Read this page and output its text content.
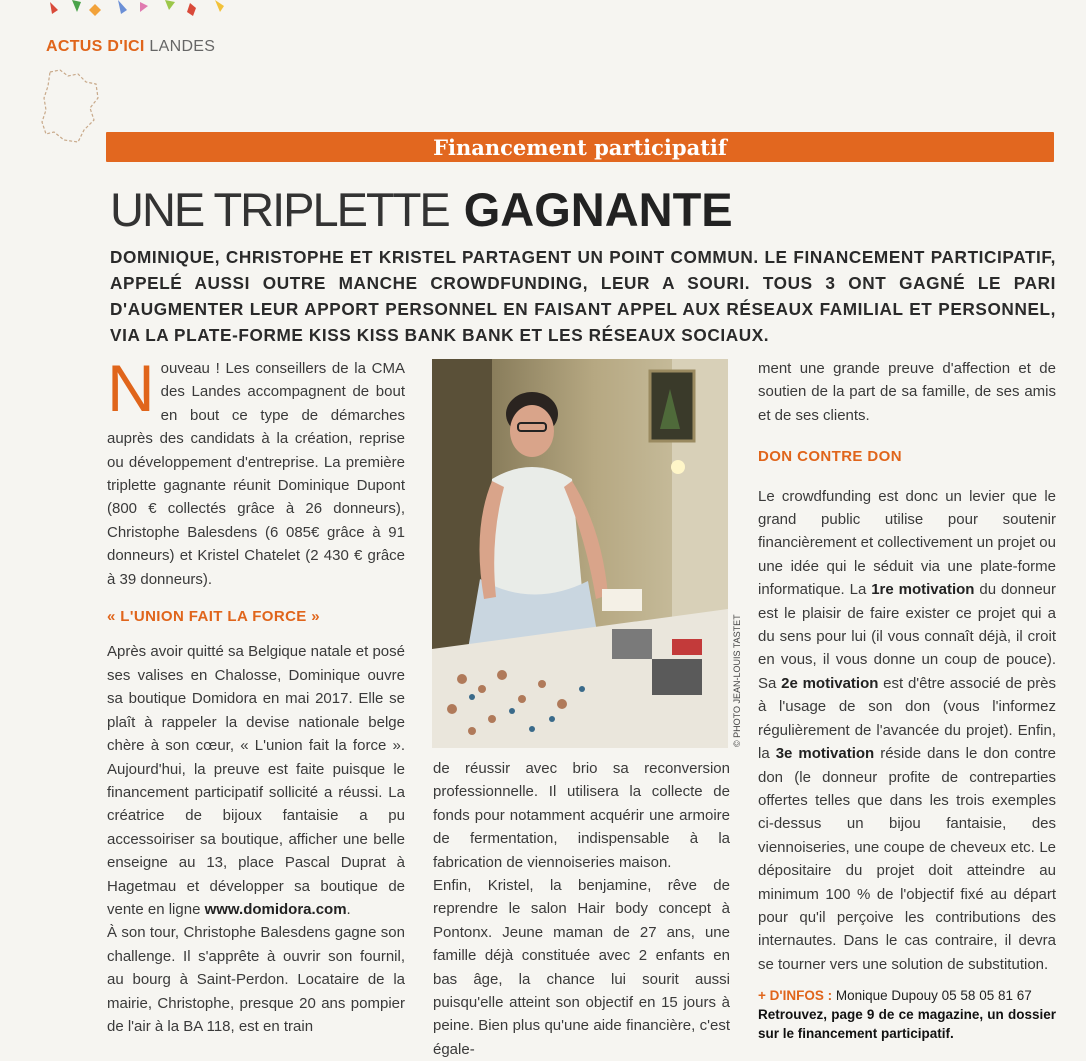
ACTUS D'ICI LANDES
Financement participatif
UNE TRIPLETTE GAGNANTE
DOMINIQUE, CHRISTOPHE ET KRISTEL PARTAGENT UN POINT COMMUN. LE FINANCEMENT PARTICIPATIF, APPELÉ AUSSI OUTRE MANCHE CROWDFUNDING, LEUR A SOURI. TOUS 3 ONT GAGNÉ LE PARI D'AUGMENTER LEUR APPORT PERSONNEL EN FAISANT APPEL AUX RÉSEAUX FAMILIAL ET PERSONNEL, VIA LA PLATE-FORME KISS KISS BANK BANK ET LES RÉSEAUX SOCIAUX.

Nouveau ! Les conseillers de la CMA des Landes accompagnent de bout en bout ce type de démarches auprès des candidats à la création, reprise ou développement d'entreprise. La première triplette gagnante réunit Dominique Dupont (800 € collectés grâce à 26 donneurs), Christophe Balesdens (6 085€ grâce à 91 donneurs) et Kristel Chatelet (2 430 € grâce à 39 donneurs).

« L'UNION FAIT LA FORCE »

Après avoir quitté sa Belgique natale et posé ses valises en Chalosse, Dominique ouvre sa boutique Domidora en mai 2017. Elle se plaît à rappeler la devise nationale belge chère à son cœur, « L'union fait la force ». Aujourd'hui, la preuve est faite puisque le financement participatif sollicité a réussi. La créatrice de bijoux fantaisie a pu accessoiriser sa boutique, afficher une belle enseigne au 13, place Pascal Duprat à Hagetmau et développer sa boutique de vente en ligne www.domidora.com.

À son tour, Christophe Balesdens gagne son challenge. Il s'apprête à ouvrir son fournil, au bourg à Saint-Perdon. Locataire de la mairie, Christophe, presque 20 ans pompier de l'air à la BA 118, est en train

© PHOTO JEAN-LOUIS TASTET

de réussir avec brio sa reconversion professionnelle. Il utilisera la collecte de fonds pour notamment acquérir une armoire de fermentation, indispensable à la fabrication de viennoiseries maison.

Enfin, Kristel, la benjamine, rêve de reprendre le salon Hair body concept à Pontonx. Jeune maman de 27 ans, une famille déjà constituée avec 2 enfants en bas âge, la chance lui sourit aussi puisqu'elle atteint son objectif en 15 jours à peine. Bien plus qu'une aide financière, c'est égale-

ment une grande preuve d'affection et de soutien de la part de sa famille, de ses amis et de ses clients.

DON CONTRE DON

Le crowdfunding est donc un levier que le grand public utilise pour soutenir financièrement et collectivement un projet ou une idée qui le séduit via une plate-forme informatique. La 1re motivation du donneur est le plaisir de faire exister ce projet qui a du sens pour lui (il vous connaît déjà, il croit en vous, il vous donne un coup de pouce). Sa 2e motivation est d'être associé de près à l'usage de son don (vous l'informez régulièrement de l'avancée du projet). Enfin, la 3e motivation réside dans le don contre don (le donneur profite de contreparties offertes telles que dans les trois exemples ci-dessus un bijou fantaisie, des viennoiseries, une coupe de cheveux etc. Le dépositaire du projet doit atteindre au minimum 100 % de l'objectif fixé au départ pour qu'il perçoive les contributions des internautes. Dans le cas contraire, il devra se tourner vers une solution de substitution.

+ D'INFOS : Monique Dupouy 05 58 05 81 67
Retrouvez, page 9 de ce magazine, un dossier sur le financement participatif.
